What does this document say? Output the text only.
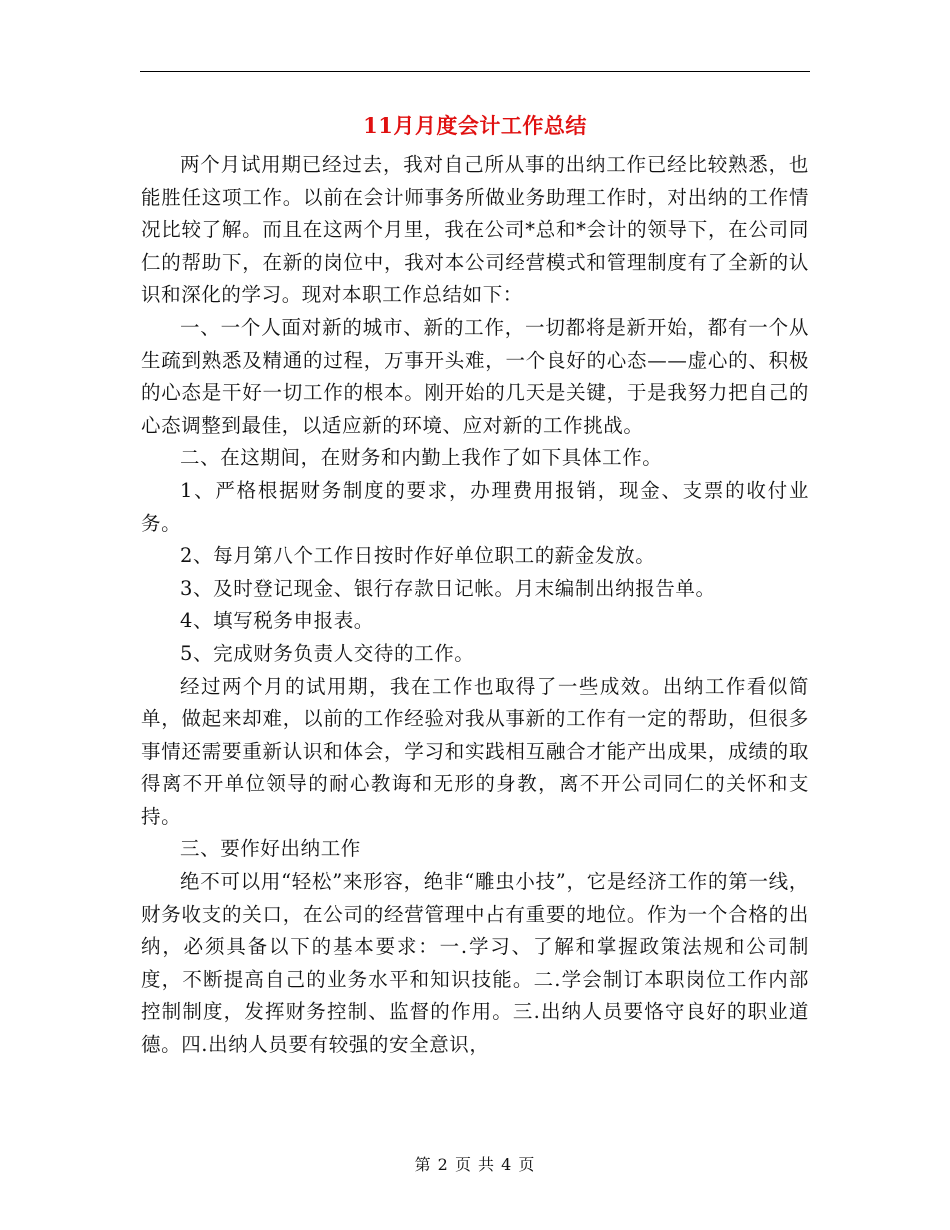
11月月度会计工作总结

两个月试用期已经过去，我对自己所从事的出纳工作已经比较熟悉，也能胜任这项工作。以前在会计师事务所做业务助理工作时，对出纳的工作情况比较了解。而且在这两个月里，我在公司*总和*会计的领导下，在公司同仁的帮助下，在新的岗位中，我对本公司经营模式和管理制度有了全新的认识和深化的学习。现对本职工作总结如下：

一、一个人面对新的城市、新的工作，一切都将是新开始，都有一个从生疏到熟悉及精通的过程，万事开头难，一个良好的心态——虚心的、积极的心态是干好一切工作的根本。刚开始的几天是关键，于是我努力把自己的心态调整到最佳，以适应新的环境、应对新的工作挑战。

二、在这期间，在财务和内勤上我作了如下具体工作。

1、严格根据财务制度的要求，办理费用报销，现金、支票的收付业务。

2、每月第八个工作日按时作好单位职工的薪金发放。

3、及时登记现金、银行存款日记帐。月末编制出纳报告单。

4、填写税务申报表。

5、完成财务负责人交待的工作。

经过两个月的试用期，我在工作也取得了一些成效。出纳工作看似简单，做起来却难，以前的工作经验对我从事新的工作有一定的帮助，但很多事情还需要重新认识和体会，学习和实践相互融合才能产出成果，成绩的取得离不开单位领导的耐心教诲和无形的身教，离不开公司同仁的关怀和支持。

三、要作好出纳工作

绝不可以用“轻松”来形容，绝非“雕虫小技”，它是经济工作的第一线，财务收支的关口，在公司的经营管理中占有重要的地位。作为一个合格的出纳，必须具备以下的基本要求：一.学习、了解和掌握政策法规和公司制度，不断提高自己的业务水平和知识技能。二.学会制订本职岗位工作内部控制制度，发挥财务控制、监督的作用。三.出纳人员要恪守良好的职业道德。四.出纳人员要有较强的安全意识，

第 2 页 共 4 页
